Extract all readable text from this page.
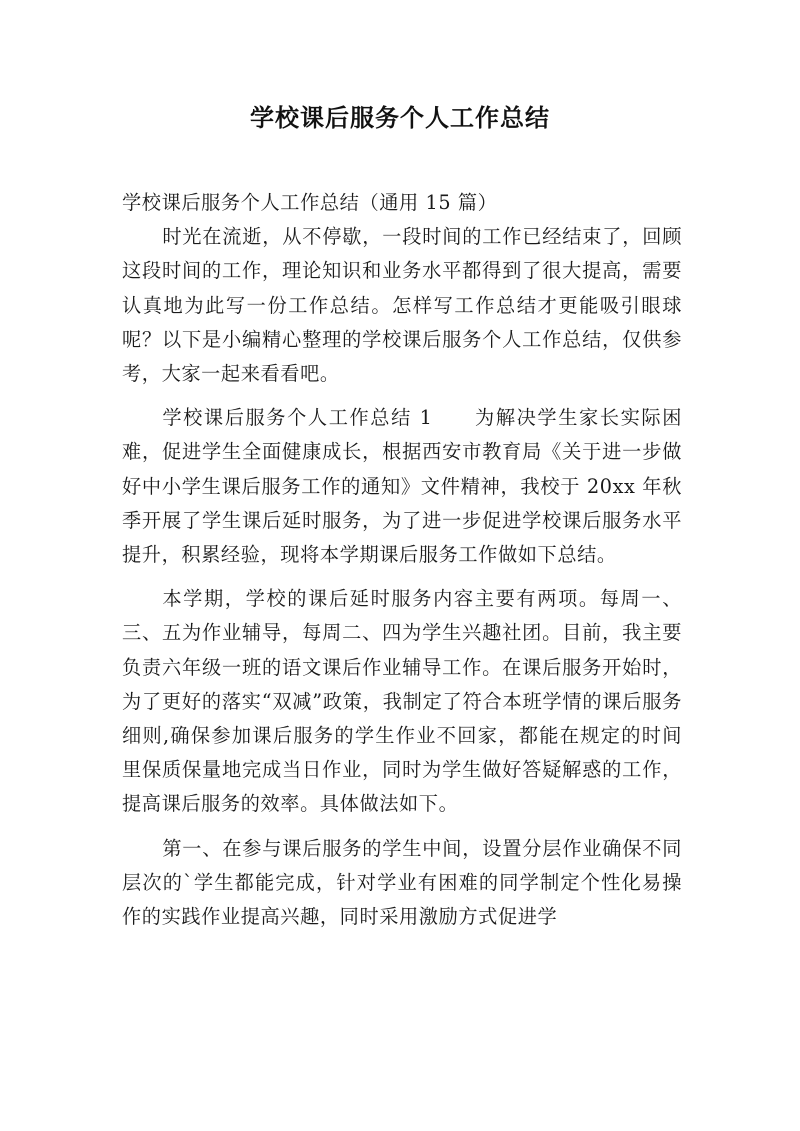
学校课后服务个人工作总结

学校课后服务个人工作总结（通用 15 篇）

时光在流逝，从不停歇，一段时间的工作已经结束了，回顾这段时间的工作，理论知识和业务水平都得到了很大提高，需要认真地为此写一份工作总结。怎样写工作总结才更能吸引眼球呢？以下是小编精心整理的学校课后服务个人工作总结，仅供参考，大家一起来看看吧。

学校课后服务个人工作总结 1　　为解决学生家长实际困难，促进学生全面健康成长，根据西安市教育局《关于进一步做好中小学生课后服务工作的通知》文件精神，我校于 20xx 年秋季开展了学生课后延时服务，为了进一步促进学校课后服务水平提升，积累经验，现将本学期课后服务工作做如下总结。

本学期，学校的课后延时服务内容主要有两项。每周一、三、五为作业辅导，每周二、四为学生兴趣社团。目前，我主要负责六年级一班的语文课后作业辅导工作。在课后服务开始时，为了更好的落实“双减”政策，我制定了符合本班学情的课后服务细则,确保参加课后服务的学生作业不回家，都能在规定的时间里保质保量地完成当日作业，同时为学生做好答疑解惑的工作，提高课后服务的效率。具体做法如下。

第一、在参与课后服务的学生中间，设置分层作业确保不同层次的`学生都能完成，针对学业有困难的同学制定个性化易操作的实践作业提高兴趣，同时采用激励方式促进学
